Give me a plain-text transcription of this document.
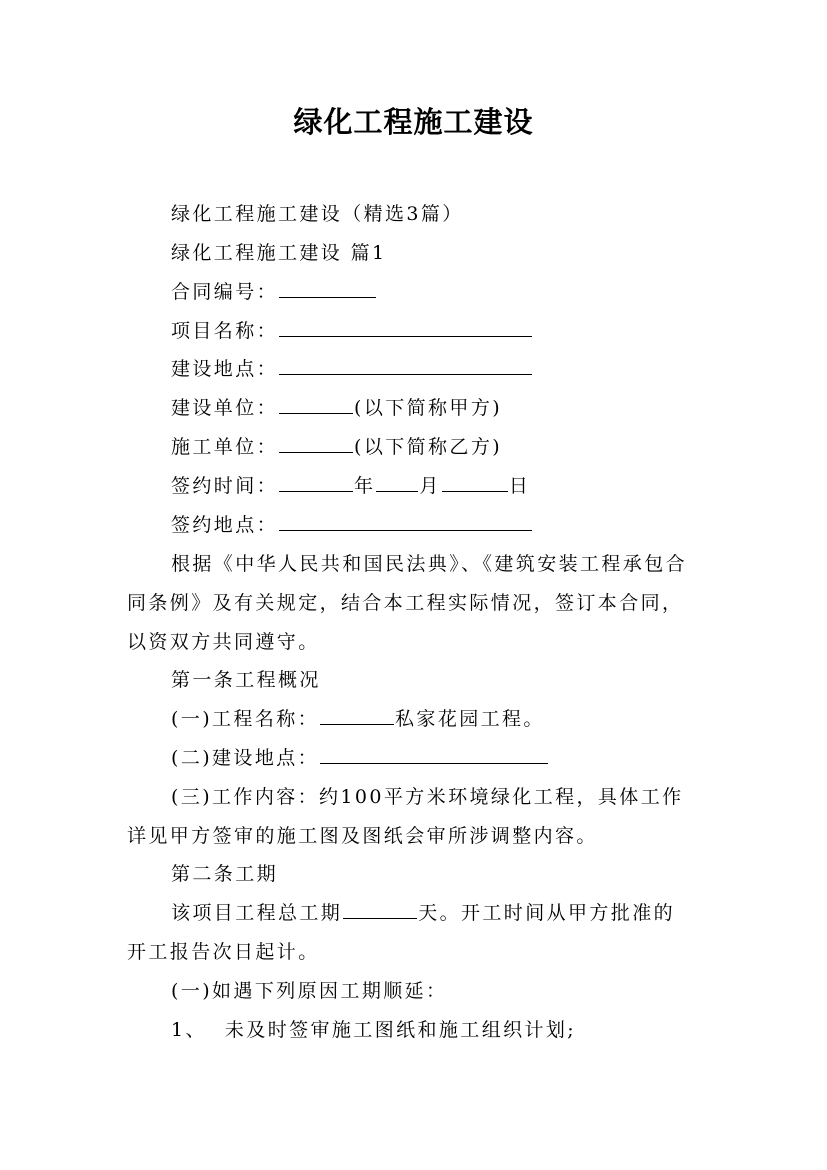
绿化工程施工建设
绿化工程施工建设（精选3篇）
绿化工程施工建设 篇1
合同编号：
项目名称：
建设地点：
建设单位：	(以下简称甲方)
施工单位：	(以下简称乙方)
签约时间：	年 月	日
签约地点：
根据《中华人民共和国民法典》、《建筑安装工程承包合
同条例》及有关规定，结合本工程实际情况，签订本合同，
以资双方共同遵守。
第一条工程概况
(一)工程名称：	私家花园工程。
(二)建设地点：
(三)工作内容：约100平方米环境绿化工程，具体工作
详见甲方签审的施工图及图纸会审所涉调整内容。
第二条工期
该项目工程总工期	天。开工时间从甲方批准的
开工报告次日起计。
(一)如遇下列原因工期顺延：
1、 未及时签审施工图纸和施工组织计划;
